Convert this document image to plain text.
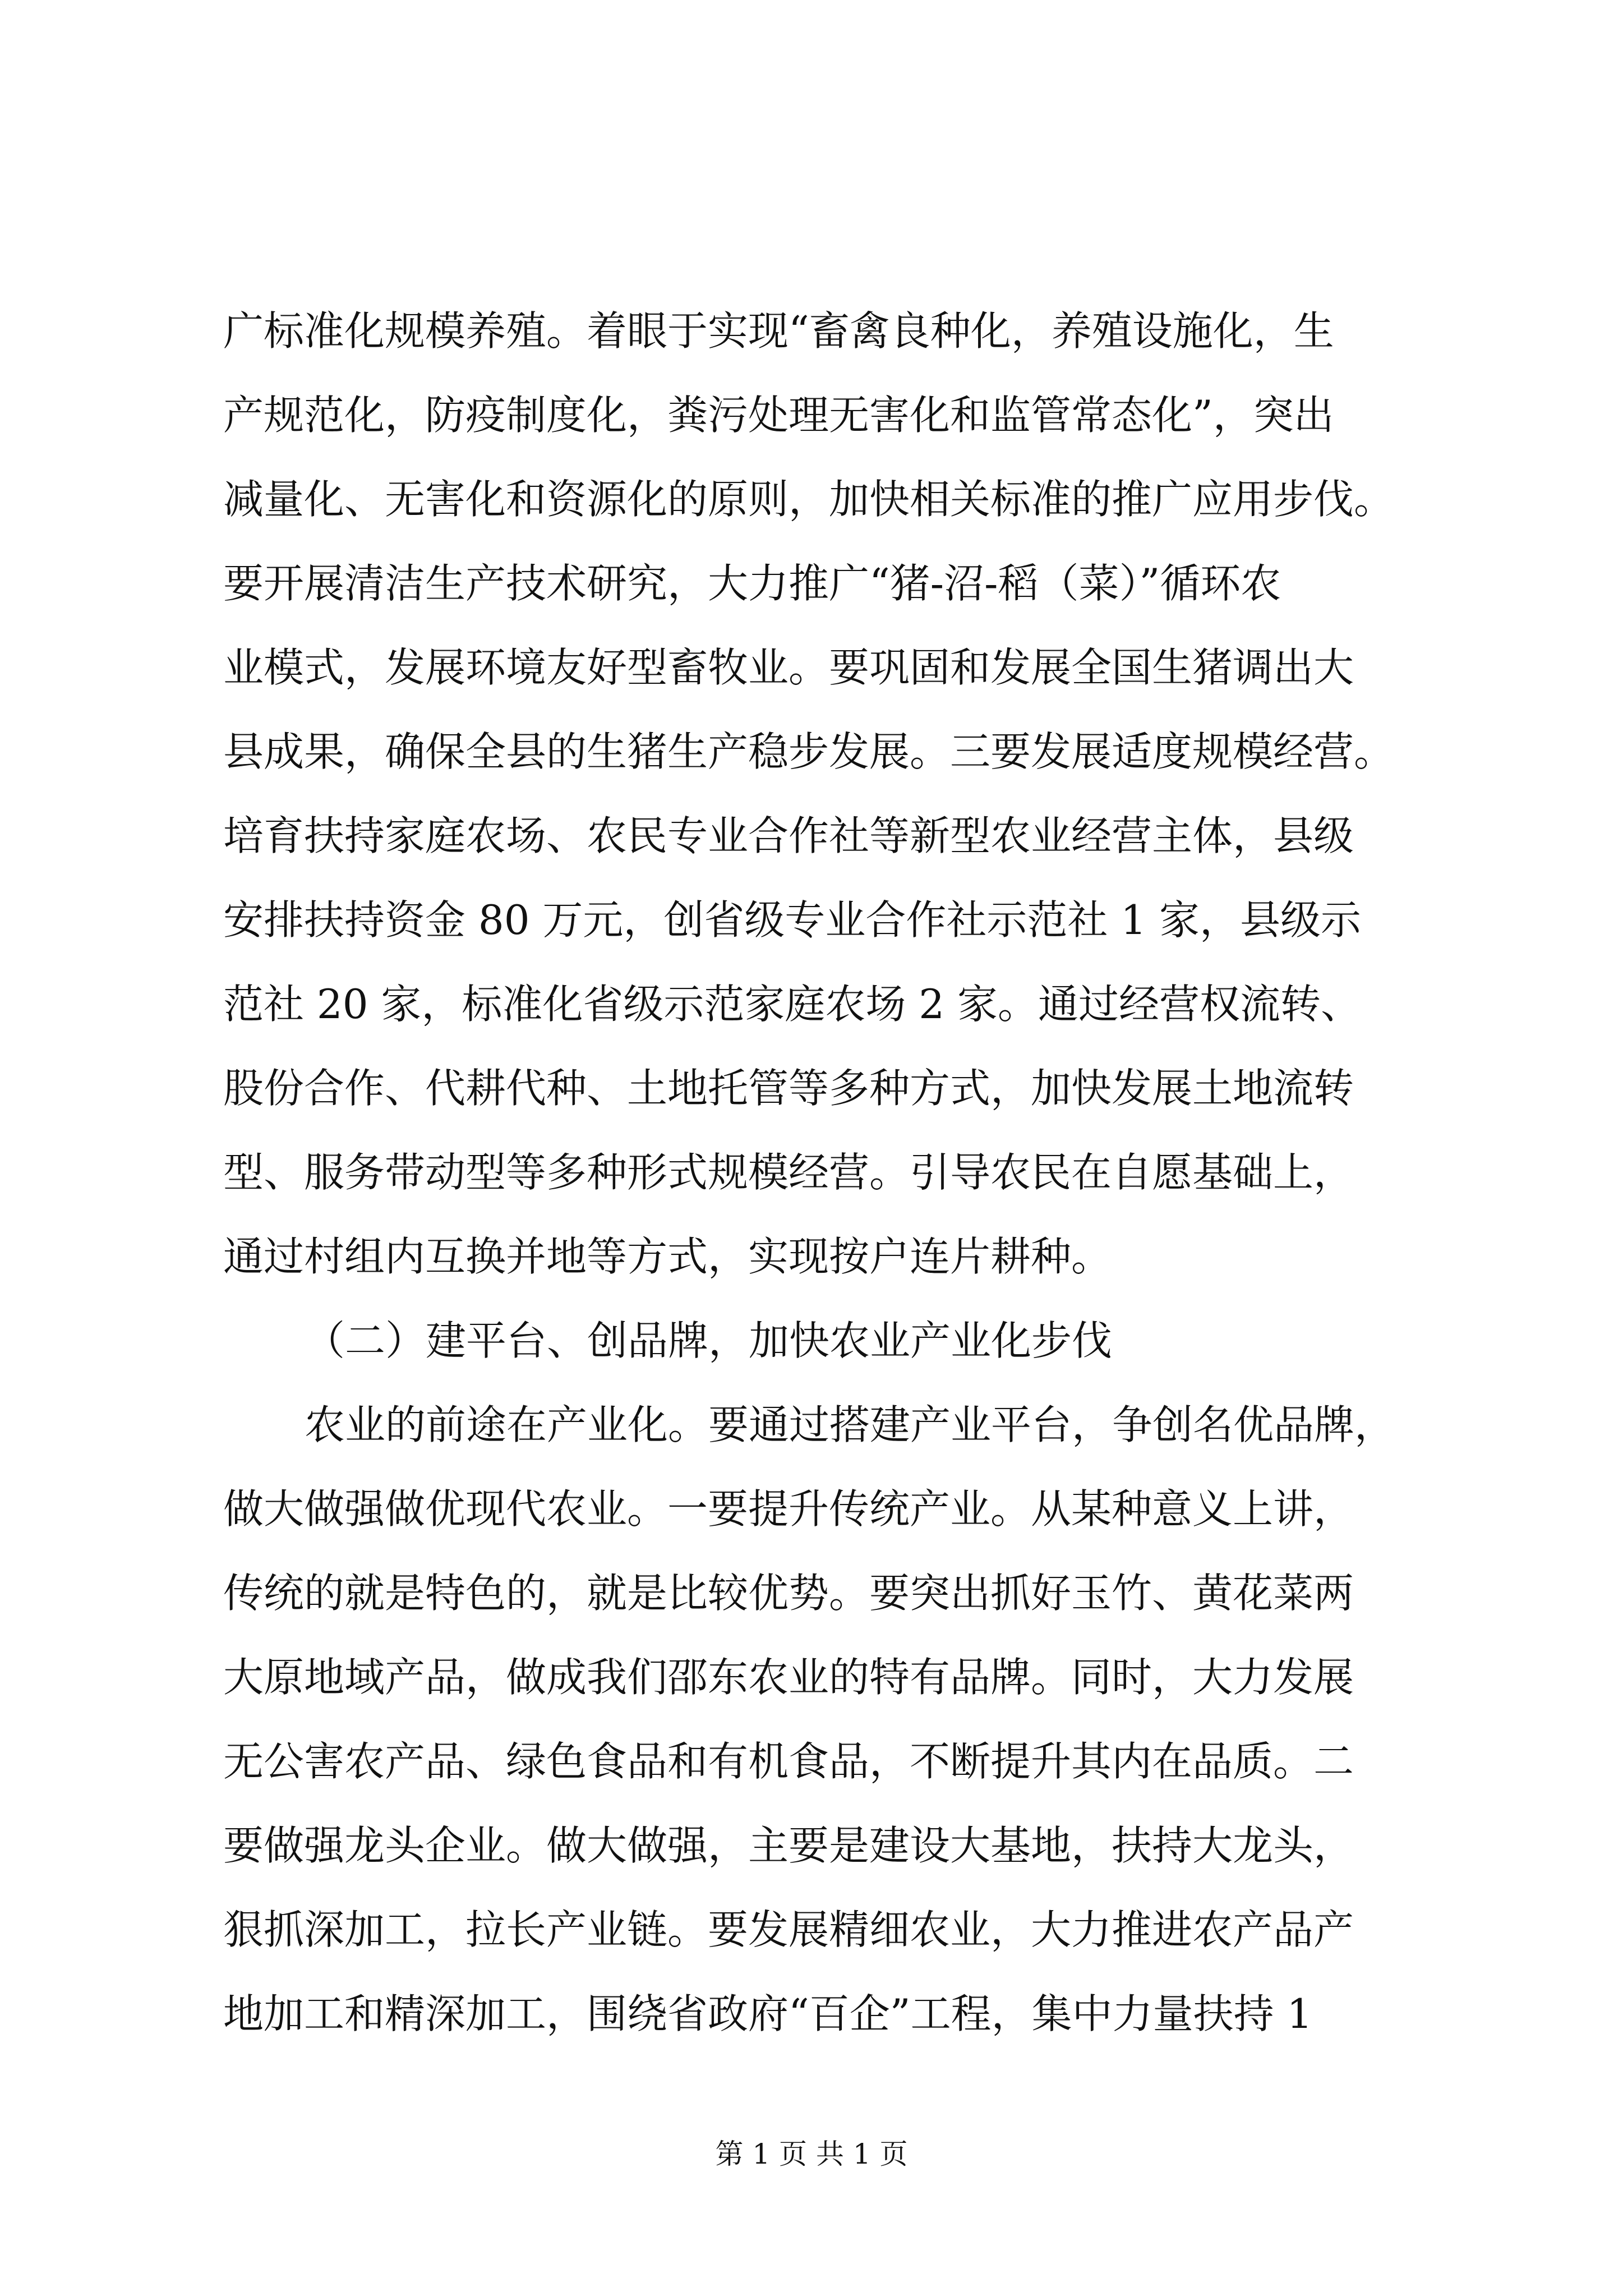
广标准化规模养殖。着眼于实现“畜禽良种化，养殖设施化，生
产规范化，防疫制度化，粪污处理无害化和监管常态化”，突出
减量化、无害化和资源化的原则，加快相关标准的推广应用步伐。
要开展清洁生产技术研究，大力推广“猪-沼-稻（菜）”循环农
业模式，发展环境友好型畜牧业。要巩固和发展全国生猪调出大
县成果，确保全县的生猪生产稳步发展。三要发展适度规模经营。
培育扶持家庭农场、农民专业合作社等新型农业经营主体，县级
安排扶持资金 80 万元，创省级专业合作社示范社 1 家，县级示
范社 20 家，标准化省级示范家庭农场 2 家。通过经营权流转、
股份合作、代耕代种、土地托管等多种方式，加快发展土地流转
型、服务带动型等多种形式规模经营。引导农民在自愿基础上，
通过村组内互换并地等方式，实现按户连片耕种。
（二）建平台、创品牌，加快农业产业化步伐
农业的前途在产业化。要通过搭建产业平台，争创名优品牌，
做大做强做优现代农业。一要提升传统产业。从某种意义上讲，
传统的就是特色的，就是比较优势。要突出抓好玉竹、黄花菜两
大原地域产品，做成我们邵东农业的特有品牌。同时，大力发展
无公害农产品、绿色食品和有机食品，不断提升其内在品质。二
要做强龙头企业。做大做强，主要是建设大基地，扶持大龙头，
狠抓深加工，拉长产业链。要发展精细农业，大力推进农产品产
地加工和精深加工，围绕省政府“百企”工程，集中力量扶持 1
第 1 页 共 1 页
